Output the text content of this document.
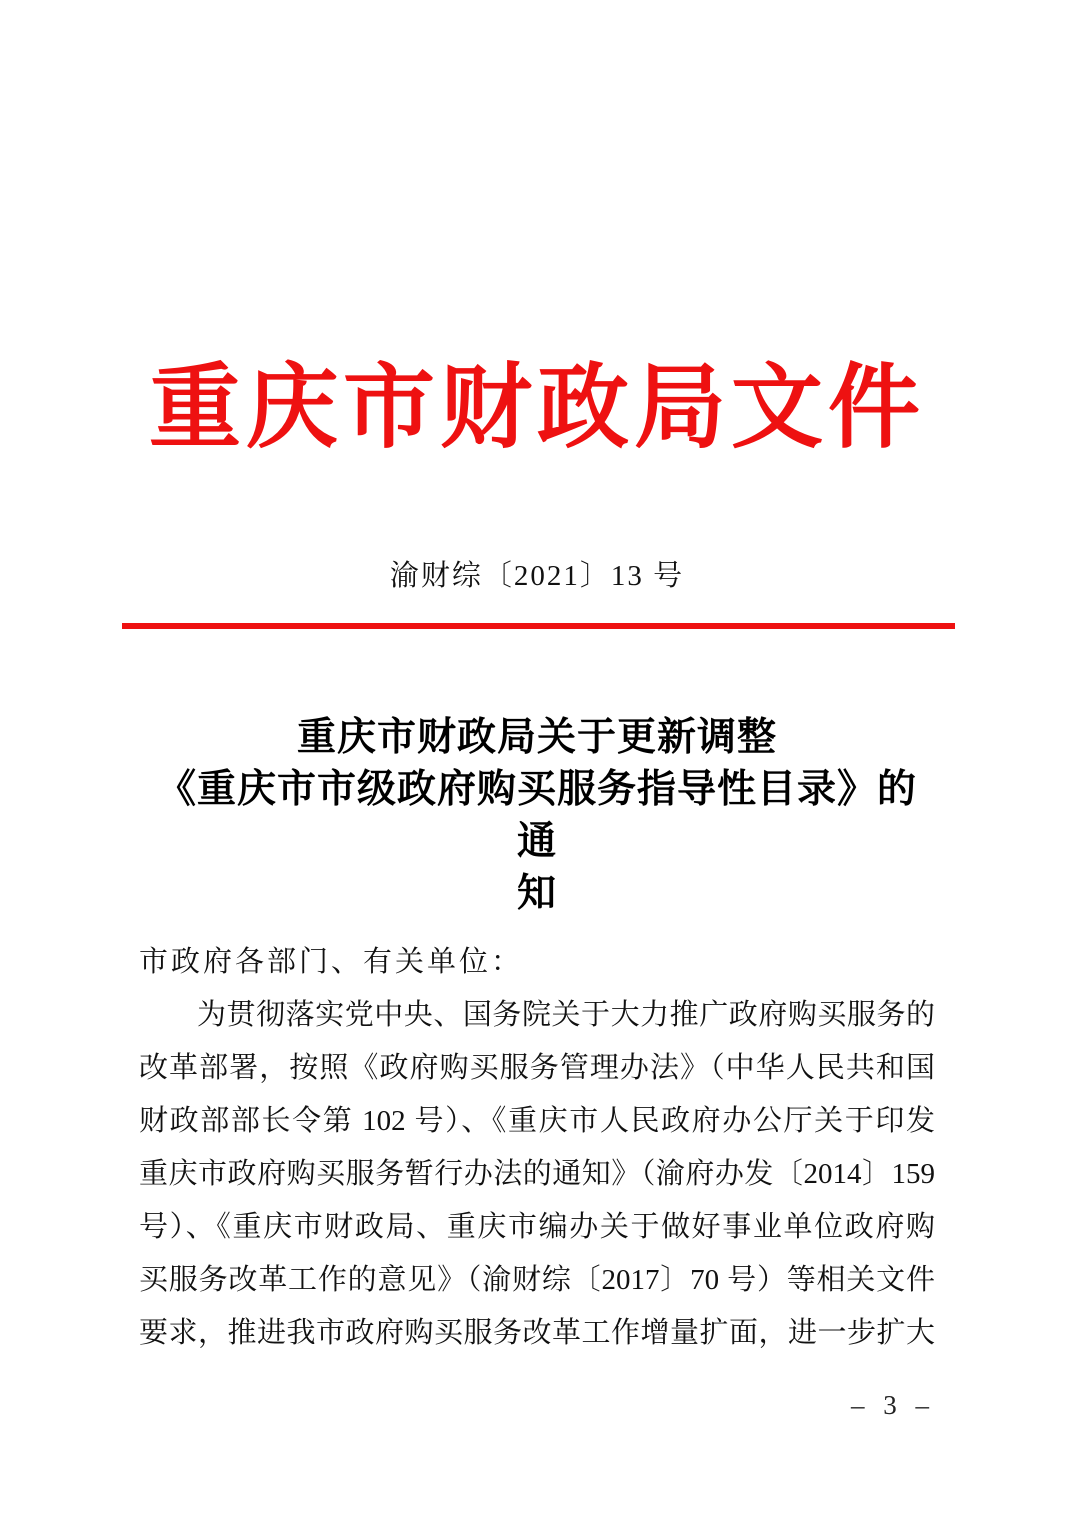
重庆市财政局文件
渝财综〔2021〕13 号
重庆市财政局关于更新调整
《重庆市市级政府购买服务指导性目录》的通
知
市政府各部门、有关单位：
为贯彻落实党中央、国务院关于大力推广政府购买服务的
改革部署，按照《政府购买服务管理办法》（中华人民共和国
财政部部长令第 102 号）、《重庆市人民政府办公厅关于印发
重庆市政府购买服务暂行办法的通知》（渝府办发〔2014〕159
号）、《重庆市财政局、重庆市编办关于做好事业单位政府购
买服务改革工作的意见》（渝财综〔2017〕70 号）等相关文件
要求，推进我市政府购买服务改革工作增量扩面，进一步扩大
– 3 –
